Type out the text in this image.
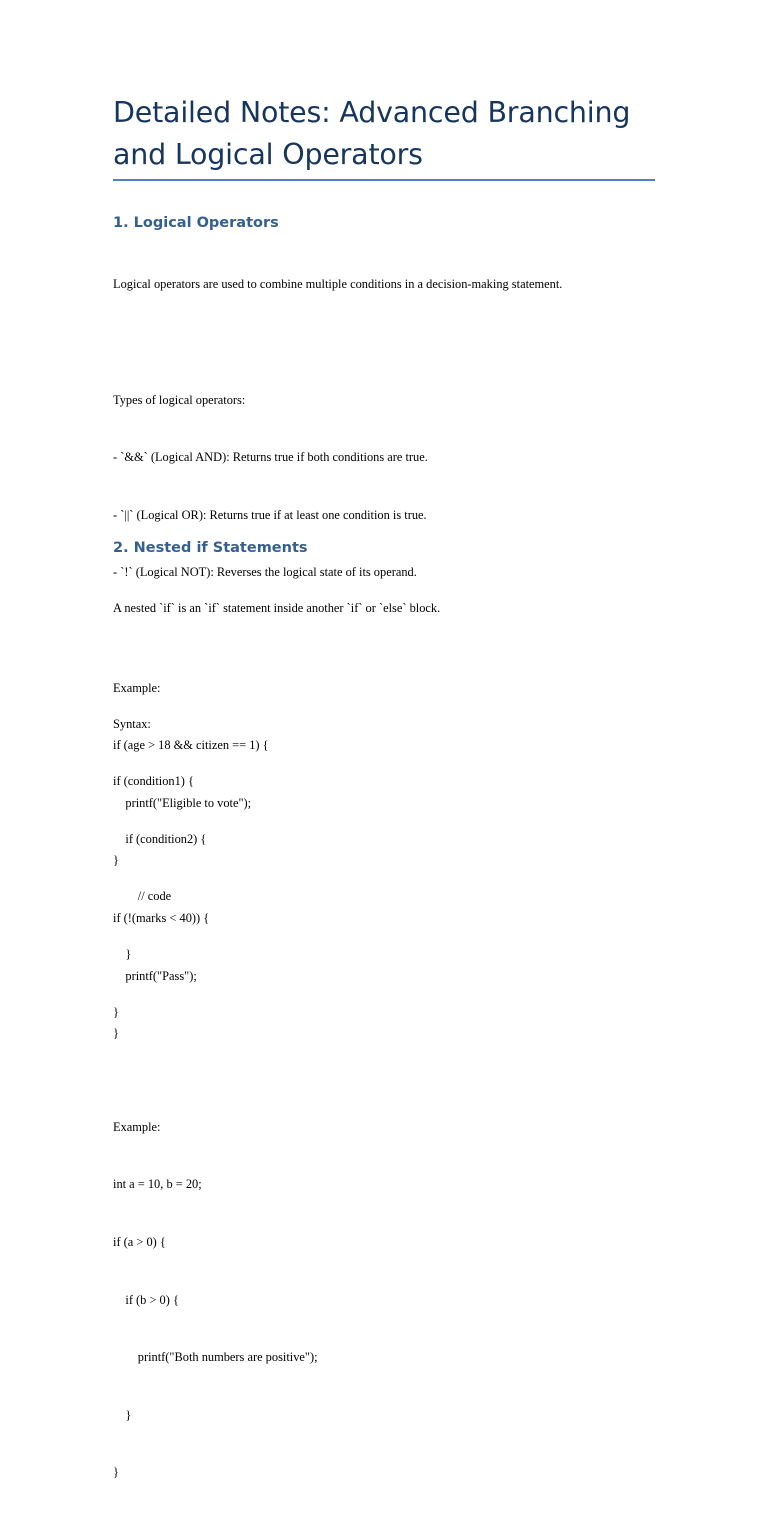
Detailed Notes: Advanced Branching and Logical Operators
1. Logical Operators

Logical operators are used to combine multiple conditions in a decision-making statement.

Types of logical operators:

- `&&` (Logical AND): Returns true if both conditions are true.

- `||` (Logical OR): Returns true if at least one condition is true.

- `!` (Logical NOT): Reverses the logical state of its operand.

Example:

if (age > 18 && citizen == 1) {

printf("Eligible to vote");

}

if (!(marks < 40)) {

printf("Pass");

}

2. Nested if Statements

A nested `if` is an `if` statement inside another `if` or `else` block.

Syntax:

if (condition1) {

if (condition2) {

// code

}

}

Example:

int a = 10, b = 20;

if (a > 0) {

if (b > 0) {

printf("Both numbers are positive");

}

}
